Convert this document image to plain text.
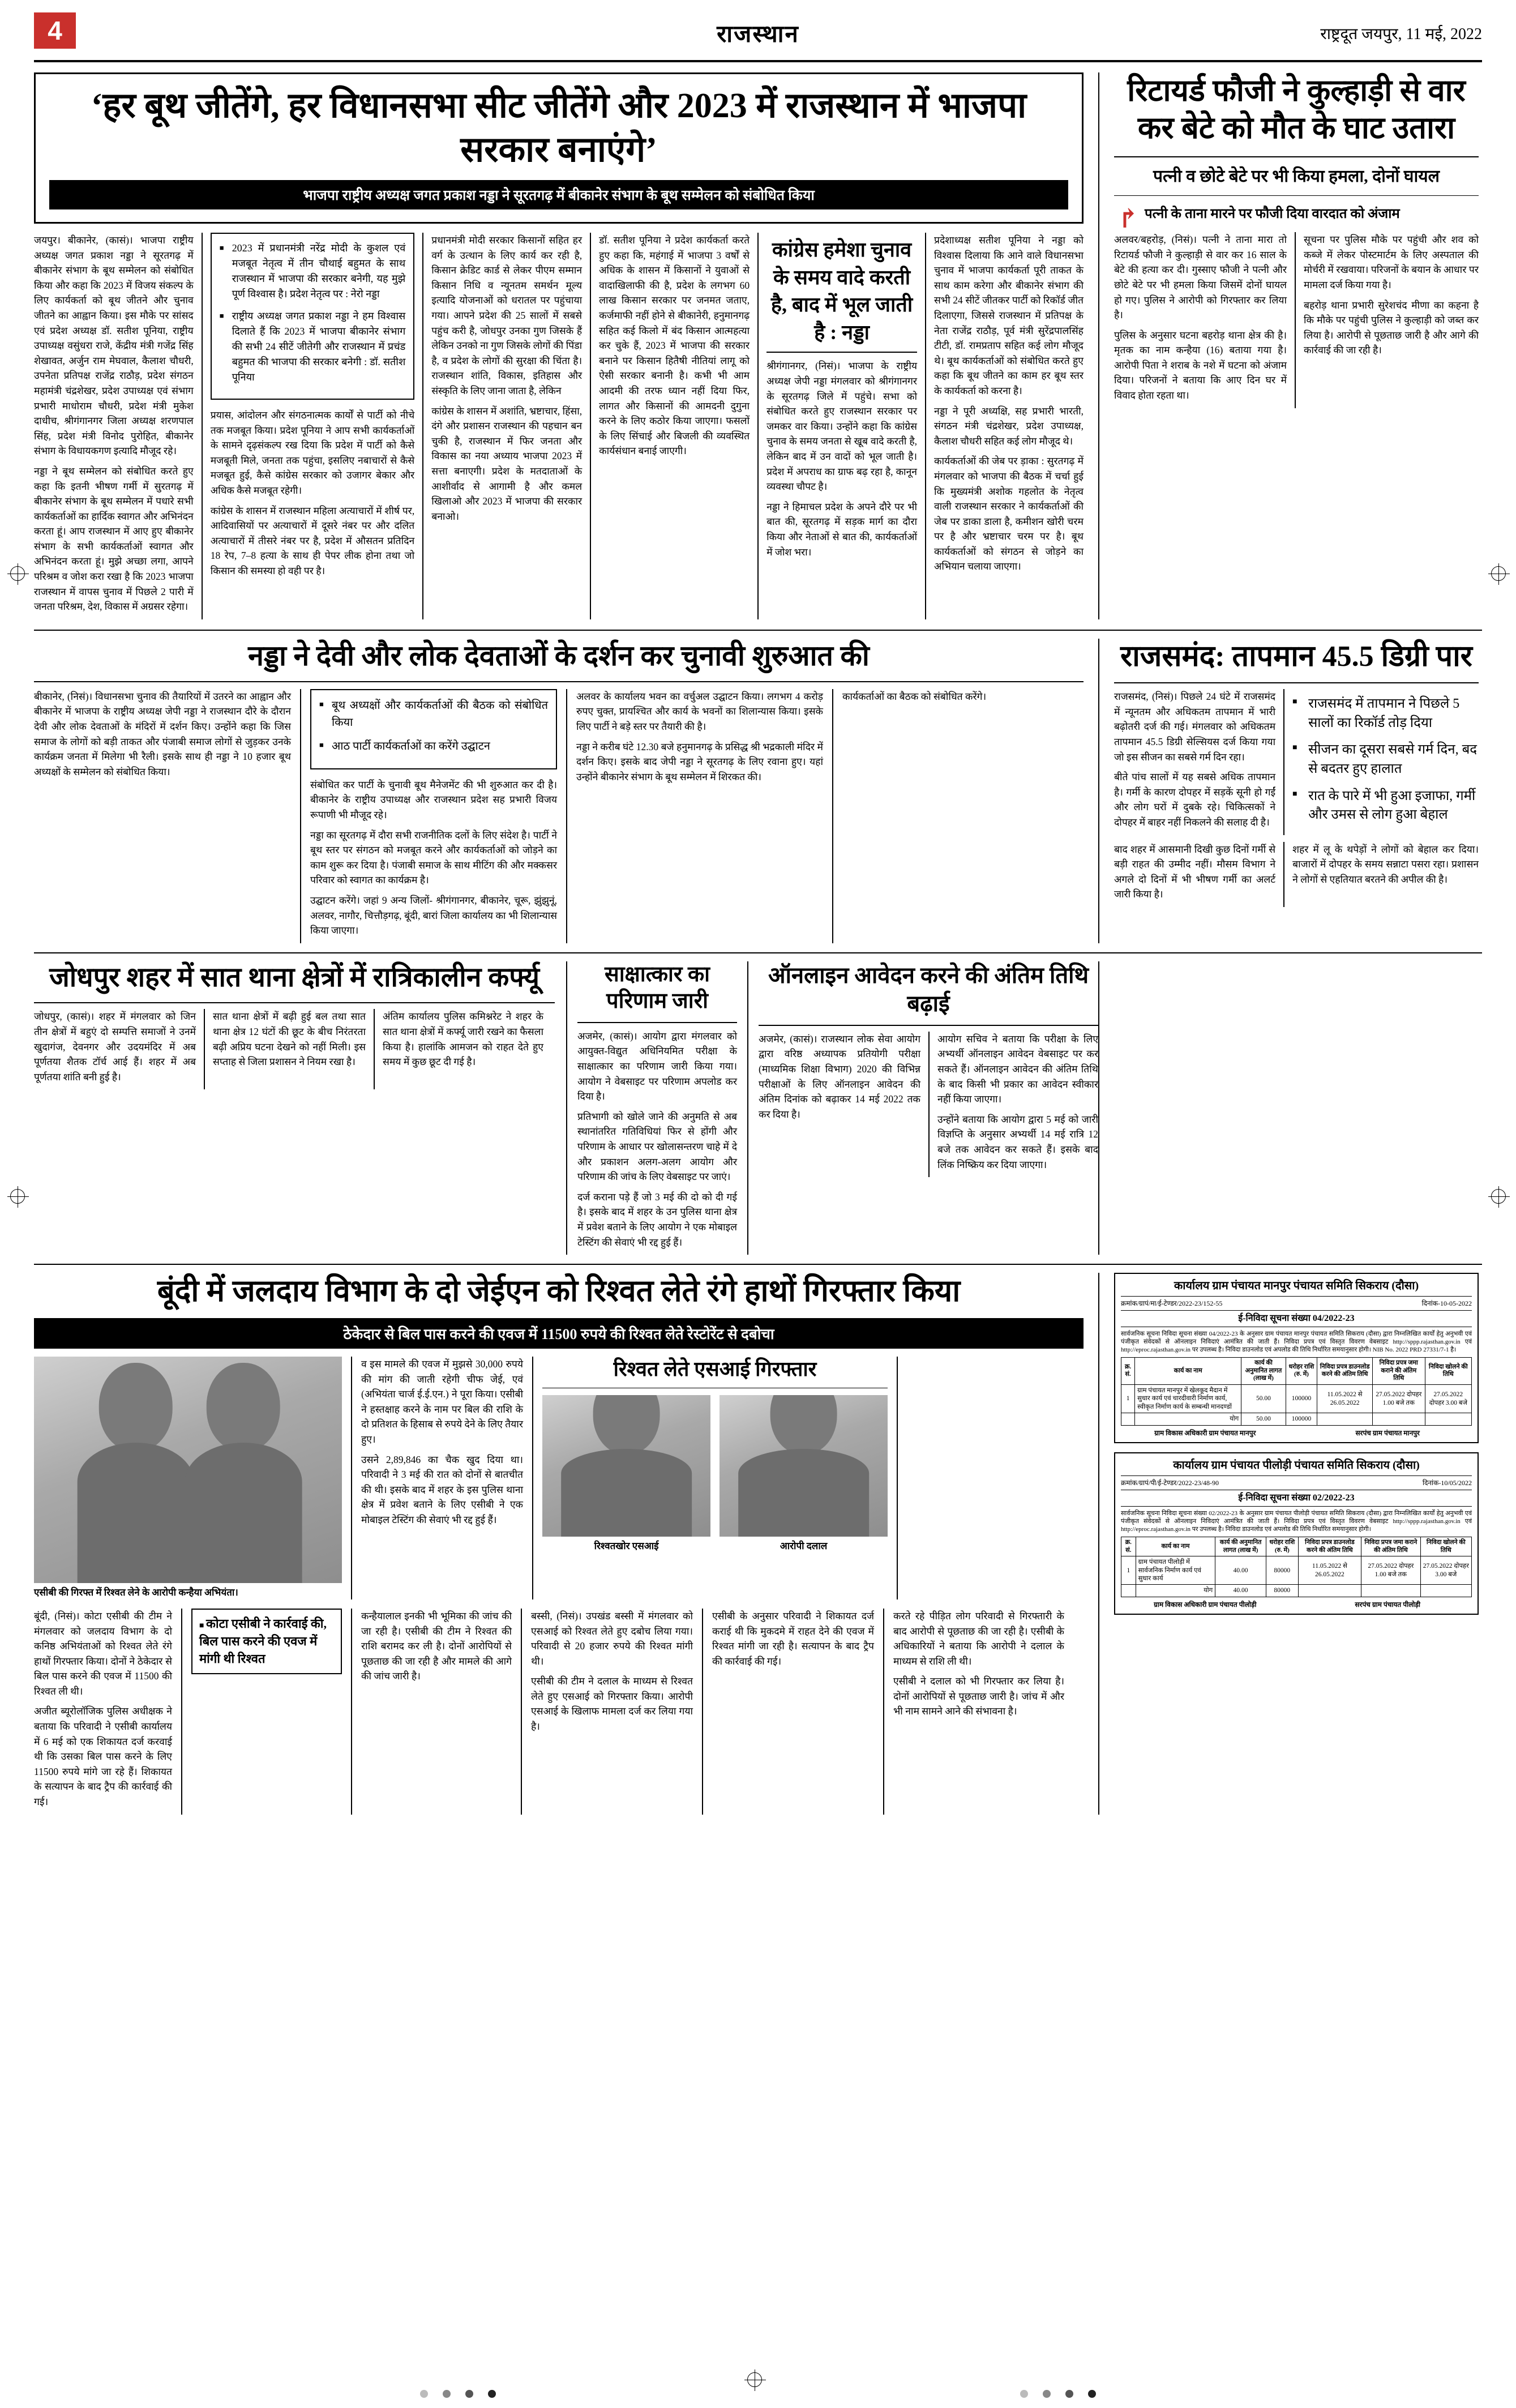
4	राजस्थान	राष्ट्रदूत जयपुर, 11 मई, 2022
‘हर बूथ जीतेंगे, हर विधानसभा सीट जीतेंगे और 2023 में राजस्थान में भाजपा सरकार बनाएंगे’
भाजपा राष्ट्रीय अध्यक्ष जगत प्रकाश नड्डा ने सूरतगढ़ में बीकानेर संभाग के बूथ सम्मेलन को संबोधित किया

जयपुर। बीकानेर, (कासं)। भाजपा राष्ट्रीय अध्यक्ष जगत प्रकाश नड्डा ने सूरतगढ़ में बीकानेर संभाग के बूथ सम्मेलन को संबोधित किया और कहा कि 2023 में विजय संकल्प के लिए कार्यकर्ता को बूथ जीतने और चुनाव जीतने का आह्वान किया। इस मौके पर सांसद एवं प्रदेश अध्यक्ष डॉ. सतीश पूनिया, राष्ट्रीय उपाध्यक्ष वसुंधरा राजे, केंद्रीय मंत्री गजेंद्र सिंह शेखावत, अर्जुन राम मेघवाल, कैलाश चौधरी, उपनेता प्रतिपक्ष राजेंद्र राठौड़, प्रदेश संगठन महामंत्री चंद्रशेखर, प्रदेश उपाध्यक्ष एवं संभाग प्रभारी माधोराम चौधरी, प्रदेश मंत्री मुकेश दाधीच, श्रीगंगानगर जिला अध्यक्ष शरणपाल सिंह, प्रदेश मंत्री विनोद पुरोहित, बीकानेर संभाग के विधायकगण इत्यादि मौजूद रहे।

नड्डा ने बूथ सम्मेलन को संबोधित करते हुए कहा कि इतनी भीषण गर्मी में सुरतगढ़ में बीकानेर संभाग के बूथ सम्मेलन में पधारे सभी कार्यकर्ताओं का हार्दिक स्वागत और अभिनंदन करता हूं। आप राजस्थान में आए हुए बीकानेर संभाग के सभी कार्यकर्ताओं स्वागत और अभिनंदन करता हूं। मुझे अच्छा लगा, आपने परिश्रम व जोश करा रखा है कि 2023 भाजपा राजस्थान में वापस चुनाव में पिछले 2 पारी में जनता परिश्रम, देश, विकास में अग्रसर रहेगा।

■ 2023 में प्रधानमंत्री नरेंद्र मोदी के कुशल एवं मजबूत नेतृत्व में तीन चौथाई बहुमत के साथ राजस्थान में भाजपा की सरकार बनेगी, यह मुझे पूर्ण विश्वास है। प्रदेश नेतृत्व पर : नेरो नड्डा
■ राष्ट्रीय अध्यक्ष जगत प्रकाश नड्डा ने हम विश्वास दिलाते हैं कि 2023 में भाजपा बीकानेर संभाग की सभी 24 सीटें जीतेगी और राजस्थान में प्रचंड बहुमत की भाजपा की सरकार बनेगी : डॉ. सतीश पूनिया

प्रयास, आंदोलन और संगठनात्मक कार्यों से पार्टी को नीचे तक मजबूत किया। प्रदेश पूनिया ने आप सभी कार्यकर्ताओं के सामने दृढ़संकल्प रख दिया कि प्रदेश में पार्टी को कैसे मजबूती मिले, जनता तक पहुंचा, इसलिए नबाचारों से कैसे मजबूत हुई, कैसे कांग्रेस सरकार को उजागर बेकार और अधिक कैसे मजबूत रहेगी।

कांग्रेस के शासन में राजस्थान महिला अत्याचारों में शीर्ष पर, आदिवासियों पर अत्याचारों में दूसरे नंबर पर और दलित अत्याचारों में तीसरे नंबर पर है, प्रदेश में औसतन प्रतिदिन 18 रेप, 7–8 हत्या के साथ ही पेपर लीक होना तथा जो किसान की समस्या हो वही पर है।

प्रधानमंत्री मोदी सरकार किसानों सहित हर वर्ग के उत्थान के लिए कार्य कर रही है, किसान क्रेडिट कार्ड से लेकर पीएम सम्मान किसान निधि व न्यूनतम समर्थन मूल्य इत्यादि योजनाओं को धरातल पर पहुंचाया गया। आपने प्रदेश की 25 सालों में सबसे पहुंच करी है, जोधपुर उनका गुण जिसके हैं लेकिन उनको ना गुण जिसके लोगों की पिंडा है, व प्रदेश के लोगों की सुरक्षा की चिंता है। राजस्थान शांति, विकास, इतिहास और संस्कृति के लिए जाना जाता है, लेकिन

कांग्रेस के शासन में अशांति, भ्रष्टाचार, हिंसा, दंगे और प्रशासन राजस्थान की पहचान बन चुकी है, राजस्थान में फिर जनता और विकास का नया अध्याय भाजपा 2023 में सत्ता बनाएगी। प्रदेश के मतदाताओं के आशीर्वाद से आगामी है और कमल खिलाओ और 2023 में भाजपा की सरकार बनाओ।

डॉ. सतीश पूनिया ने प्रदेश कार्यकर्ता करते हुए कहा कि, महंगाई में भाजपा 3 वर्षों से अधिक के शासन में किसानों ने युवाओं से वादाखिलाफी की है, प्रदेश के लगभग 60 लाख किसान सरकार पर जनमत जताए, कर्जमाफी नहीं होने से बीकानेरी, हनुमानगढ़ सहित कई किलो में बंद किसान आत्महत्या कर चुके हैं, 2023 में भाजपा की सरकार बनाने पर किसान हितैषी नीतियां लागू को ऐसी सरकार बनानी है। कभी भी आम आदमी की तरफ ध्यान नहीं दिया फिर, लागत और किसानों की आमदनी दुगुना करने के लिए कठोर किया जाएगा। फसलों के लिए सिंचाई और बिजली की व्यवस्थित कार्यसंधान बनाई जाएगी।

कांग्रेस हमेशा चुनाव के समय वादे करती है, बाद में भूल जाती है : नड्डा

श्रीगंगानगर, (निसं)। भाजपा के राष्ट्रीय अध्यक्ष जेपी नड्डा मंगलवार को श्रीगंगानगर के सूरतगढ़ जिले में पहुंचे। सभा को संबोधित करते हुए राजस्थान सरकार पर जमकर वार किया। उन्होंने कहा कि कांग्रेस चुनाव के समय जनता से खूब वादे करती है, लेकिन बाद में उन वादों को भूल जाती है। प्रदेश में अपराध का ग्राफ बढ़ रहा है, कानून व्यवस्था चौपट है।

नड्डा ने हिमाचल प्रदेश के अपने दौरे पर भी बात की, सूरतगढ़ में सड़क मार्ग का दौरा किया और नेताओं से बात की, कार्यकर्ताओं में जोश भरा।

प्रदेशाध्यक्ष सतीश पूनिया ने नड्डा को विश्वास दिलाया कि आने वाले विधानसभा चुनाव में भाजपा कार्यकर्ता पूरी ताकत के साथ काम करेगा और बीकानेर संभाग की सभी 24 सीटें जीतकर पार्टी को रिकॉर्ड जीत दिलाएगा, जिससे राजस्थान में प्रतिपक्ष के नेता राजेंद्र राठौड़, पूर्व मंत्री सुरेंद्रपालसिंह टीटी, डॉ. रामप्रताप सहित कई लोग मौजूद थे। बूथ कार्यकर्ताओं को संबोधित करते हुए कहा कि बूथ जीतने का काम हर बूथ स्तर के कार्यकर्ता को करना है।

नड्डा ने पूरी अध्यक्षि, सह प्रभारी भारती, संगठन मंत्री चंद्रशेखर, प्रदेश उपाध्यक्ष, कैलाश चौधरी सहित कई लोग मौजूद थे।

कार्यकर्ताओं की जेब पर ड़ाका : सुरतगढ़ में मंगलवार को भाजपा की बैठक में चर्चा हुई कि मुख्यमंत्री अशोक गहलोत के नेतृत्व वाली राजस्थान सरकार ने कार्यकर्ताओं की जेब पर डाका डाला है, कमीशन खोरी चरम पर है और भ्रष्टाचार चरम पर है। बूथ कार्यकर्ताओं को संगठन से जोड़ने का अभियान चलाया जाएगा।

रिटायर्ड फौजी ने कुल्हाड़ी से वार कर बेटे को मौत के घाट उतारा
पत्नी व छोटे बेटे पर भी किया हमला, दोनों घायल
↱ पत्नी के ताना मारने पर फौजी दिया वारदात को अंजाम

अलवर/बहरोड़, (निसं)। पत्नी ने ताना मारा तो रिटायर्ड फौजी ने कुल्हाड़ी से वार कर 16 साल के बेटे की हत्या कर दी। गुस्साए फौजी ने पत्नी और छोटे बेटे पर भी हमला किया जिसमें दोनों घायल हो गए। पुलिस ने आरोपी को गिरफ्तार कर लिया है।

पुलिस के अनुसार घटना बहरोड़ थाना क्षेत्र की है। मृतक का नाम कन्हैया (16) बताया गया है। आरोपी पिता ने शराब के नशे में घटना को अंजाम दिया। परिजनों ने बताया कि आए दिन घर में विवाद होता रहता था।

सूचना पर पुलिस मौके पर पहुंची और शव को कब्जे में लेकर पोस्टमार्टम के लिए अस्पताल की मोर्चरी में रखवाया। परिजनों के बयान के आधार पर मामला दर्ज किया गया है।

बहरोड़ थाना प्रभारी सुरेशचंद मीणा का कहना है कि मौके पर पहुंची पुलिस ने कुल्हाड़ी को जब्त कर लिया है। आरोपी से पूछताछ जारी है और आगे की कार्रवाई की जा रही है।

नड्डा ने देवी और लोक देवताओं के दर्शन कर चुनावी शुरुआत की

बीकानेर, (निसं)। विधानसभा चुनाव की तैयारियों में उतरने का आह्वान और बीकानेर में भाजपा के राष्ट्रीय अध्यक्ष जेपी नड्डा ने राजस्थान दौरे के दौरान देवी और लोक देवताओं के मंदिरों में दर्शन किए। उन्होंने कहा कि जिस समाज के लोगों को बड़ी ताकत और पंजाबी समाज लोगों से जुड़कर उनके कार्यक्रम जनता में मिलेगा भी रैली। इसके साथ ही नड्डा ने 10 हजार बूथ अध्यक्षों के सम्मेलन को संबोधित किया।

■ बूथ अध्यक्षों और कार्यकर्ताओं की बैठक को संबोधित किया
■ आठ पार्टी कार्यकर्ताओं का करेंगे उद्घाटन

संबोधित कर पार्टी के चुनावी बूथ मैनेजमेंट की भी शुरुआत कर दी है। बीकानेर के राष्ट्रीय उपाध्यक्ष और राजस्थान प्रदेश सह प्रभारी विजय रूपाणी भी मौजूद रहे।

नड्डा का सूरतगढ़ में दौरा सभी राजनीतिक दलों के लिए संदेश है। पार्टी ने बूथ स्तर पर संगठन को मजबूत करने और कार्यकर्ताओं को जोड़ने का काम शुरू कर दिया है। पंजाबी समाज के साथ मीटिंग की और मक्कसर परिवार को स्वागत का कार्यक्रम है।

उद्घाटन करेंगे। जहां 9 अन्य जिलों- श्रीगंगानगर, बीकानेर, चूरू, झुंझुनूं, अलवर, नागौर, चित्तौड़गढ़, बूंदी, बारां जिला कार्यालय का भी शिलान्यास किया जाएगा।

अलवर के कार्यालय भवन का वर्चुअल उद्घाटन किया। लगभग 4 करोड़ रुपए चुक्त, प्रायश्चित और कार्य के भवनों का शिलान्यास किया। इसके लिए पार्टी ने बड़े स्तर पर तैयारी की है।

नड्डा ने करीब घंटे 12.30 बजे हनुमानगढ़ के प्रसिद्ध श्री भद्रकाली मंदिर में दर्शन किए। इसके बाद जेपी नड्डा ने सूरतगढ़ के लिए रवाना हुए। यहां उन्होंने बीकानेर संभाग के बूथ सम्मेलन में शिरकत की।

कार्यकर्ताओं का बैठक को संबोधित करेंगे।

राजसमंद: तापमान 45.5 डिग्री पार

राजसमंद, (निसं)। पिछले 24 घंटे में राजसमंद में न्यूनतम और अधिकतम तापमान में भारी बढ़ोतरी दर्ज की गई। मंगलवार को अधिकतम तापमान 45.5 डिग्री सेल्सियस दर्ज किया गया जो इस सीजन का सबसे गर्म दिन रहा।

बीते पांच सालों में यह सबसे अधिक तापमान है। गर्मी के कारण दोपहर में सड़कें सूनी हो गईं और लोग घरों में दुबके रहे। चिकित्सकों ने दोपहर में बाहर नहीं निकलने की सलाह दी है।

■ राजसमंद में तापमान ने पिछले 5 सालों का रिकॉर्ड तोड़ दिया
■ सीजन का दूसरा सबसे गर्म दिन, बद से बदतर हुए हालात
■ रात के पारे में भी हुआ इजाफा, गर्मी और उमस से लोग हुआ बेहाल

बाद शहर में आसमानी दिखी कुछ दिनों गर्मी से बड़ी राहत की उम्मीद नहीं। मौसम विभाग ने अगले दो दिनों में भी भीषण गर्मी का अलर्ट जारी किया है।

शहर में लू के थपेड़ों ने लोगों को बेहाल कर दिया। बाजारों में दोपहर के समय सन्नाटा पसरा रहा। प्रशासन ने लोगों से एहतियात बरतने की अपील की है।

जोधपुर शहर में सात थाना क्षेत्रों में रात्रिकालीन कर्फ्यू

जोधपुर, (कासं)। शहर में मंगलवार को जिन तीन क्षेत्रों में बहुएं दो सम्पत्ति समाजों ने उनमें खुदागंज, देवनगर और उदयमंदिर में अब पूर्णतया शैतक टॉर्च आई हैं। शहर में अब पूर्णतया शांति बनी हुई है।

सात थाना क्षेत्रों में बढ़ी हुई बल तथा सात थाना क्षेत्र 12 घंटों की छूट के बीच निरंतरता बढ़ी अप्रिय घटना देखने को नहीं मिली। इस सप्ताह से जिला प्रशासन ने नियम रखा है।

अंतिम कार्यालय पुलिस कमिश्नरेट ने शहर के सात थाना क्षेत्रों में कर्फ्यू जारी रखने का फैसला किया है। हालांकि आमजन को राहत देते हुए समय में कुछ छूट दी गई है।

साक्षात्कार का परिणाम जारी

अजमेर, (कासं)। आयोग द्वारा मंगलवार को आयुक्त-विद्युत अधिनियमित परीक्षा के साक्षात्कार का परिणाम जारी किया गया। आयोग ने वेबसाइट पर परिणाम अपलोड कर दिया है।

प्रतिभागी को खोले जाने की अनुमति से अब स्थानांतरित गतिविधियां फिर से होंगी और परिणाम के आधार पर खोलासन्तरण चाहे में दे और प्रकाशन अलग-अलग आयोग और परिणाम की जांच के लिए वेबसाइट पर जाएं।

दर्ज कराना पड़े हैं जो 3 मई की दो को दी गई है। इसके बाद में शहर के उन पुलिस थाना क्षेत्र में प्रवेश बताने के लिए आयोग ने एक मोबाइल टेस्टिंग की सेवाएं भी रद्द हुई हैं।

ऑनलाइन आवेदन करने की अंतिम तिथि बढ़ाई

अजमेर, (कासं)। राजस्थान लोक सेवा आयोग द्वारा वरिष्ठ अध्यापक प्रतियोगी परीक्षा (माध्यमिक शिक्षा विभाग) 2020 की विभिन्न परीक्षाओं के लिए ऑनलाइन आवेदन की अंतिम दिनांक को बढ़ाकर 14 मई 2022 तक कर दिया है।

आयोग सचिव ने बताया कि परीक्षा के लिए अभ्यर्थी ऑनलाइन आवेदन वेबसाइट पर कर सकते हैं। ऑनलाइन आवेदन की अंतिम तिथि के बाद किसी भी प्रकार का आवेदन स्वीकार नहीं किया जाएगा।

उन्होंने बताया कि आयोग द्वारा 5 मई को जारी विज्ञप्ति के अनुसार अभ्यर्थी 14 मई रात्रि 12 बजे तक आवेदन कर सकते हैं। इसके बाद लिंक निष्क्रिय कर दिया जाएगा।

बूंदी में जलदाय विभाग के दो जेईएन को रिश्वत लेते रंगे हाथों गिरफ्तार किया
ठेकेदार से बिल पास करने की एवज में 11500 रुपये की रिश्वत लेते रेस्टोरेंट से दबोचा
एसीबी की गिरफ्त में रिश्वत लेने के आरोपी कन्हैया अभियंता।

व इस मामले की एवज में मुझसे 30,000 रुपये की मांग की जाती रहेगी चीफ जेई, एवं (अभियंता चार्ज ई.ई.एन.) ने पूरा किया। एसीबी ने हस्तक्षाह करने के नाम पर बिल की राशि के दो प्रतिशत के हिसाब से रुपये देने के लिए तैयार हुए।

उसने 2,89,846 का चैक खुद दिया था। परिवादी ने 3 मई की रात को दोनों से बातचीत की थी। इसके बाद में शहर के इस पुलिस थाना क्षेत्र में प्रवेश बताने के लिए एसीबी ने एक मोबाइल टेस्टिंग की सेवाएं भी रद्द हुई हैं।

रिश्वत लेते एसआई गिरफ्तार
रिश्वतखोर एसआई	आरोपी दलाल

बूंदी, (निसं)। कोटा एसीबी की टीम ने मंगलवार को जलदाय विभाग के दो कनिष्ठ अभियंताओं को रिश्वत लेते रंगे हाथों गिरफ्तार किया। दोनों ने ठेकेदार से बिल पास करने की एवज में 11500 की रिश्वत ली थी।

अजीत ब्यूरोलॉजिक पुलिस अधीक्षक ने बताया कि परिवादी ने एसीबी कार्यालय में 6 मई को एक शिकायत दर्ज करवाई थी कि उसका बिल पास करने के लिए 11500 रुपये मांगे जा रहे हैं। शिकायत के सत्यापन के बाद ट्रैप की कार्रवाई की गई।

■ कोटा एसीबी ने कार्रवाई की, बिल पास करने की एवज में मांगी थी रिश्वत

कन्हैयालाल इनकी भी भूमिका की जांच की जा रही है। एसीबी की टीम ने रिश्वत की राशि बरामद कर ली है। दोनों आरोपियों से पूछताछ की जा रही है और मामले की आगे की जांच जारी है।

बस्सी, (निसं)। उपखंड बस्सी में मंगलवार को एसआई को रिश्वत लेते हुए दबोच लिया गया। परिवादी से 20 हजार रुपये की रिश्वत मांगी थी।

एसीबी की टीम ने दलाल के माध्यम से रिश्वत लेते हुए एसआई को गिरफ्तार किया। आरोपी एसआई के खिलाफ मामला दर्ज कर लिया गया है।

एसीबी के अनुसार परिवादी ने शिकायत दर्ज कराई थी कि मुकदमे में राहत देने की एवज में रिश्वत मांगी जा रही है। सत्यापन के बाद ट्रैप की कार्रवाई की गई।

करते रहे पीड़ित लोग परिवादी से गिरफ्तारी के बाद आरोपी से पूछताछ की जा रही है। एसीबी के अधिकारियों ने बताया कि आरोपी ने दलाल के माध्यम से राशि ली थी।

एसीबी ने दलाल को भी गिरफ्तार कर लिया है। दोनों आरोपियों से पूछताछ जारी है। जांच में और भी नाम सामने आने की संभावना है।

कार्यालय ग्राम पंचायत मानपुर पंचायत समिति सिकराय (दौसा)
क्रमांक/ग्रापं/मा/ई-टेण्डर/2022-23/152-55	दिनांक-10-05-2022
ई-निविदा सूचना संख्या 04/2022-23

सार्वजनिक सूचना निविदा सूचना संख्या 04/2022-23 के अनुसार ग्राम पंचायत मानपुर पंचायत समिति सिकराय (दौसा) द्वारा निम्नलिखित कार्यों हेतु अनुभवी एवं पंजीकृत संवेदकों से ऑनलाइन निविदाएं आमंत्रित की जाती हैं। निविदा प्रपत्र एवं विस्तृत विवरण वेबसाइट http://sppp.rajasthan.gov.in एवं http://eproc.rajasthan.gov.in पर उपलब्ध है। निविदा डाउनलोड एवं अपलोड की तिथि निर्धारित समयानुसार होगी। NIB No. 2022 PRD 27331/7-1 है।

क्र. सं.	कार्य का नाम	कार्य की अनुमानित लागत (लाख में)	धरोहर राशि (रु. में)	निविदा प्रपत्र डाउनलोड करने की अंतिम तिथि	निविदा प्रपत्र जमा कराने की अंतिम तिथि	निविदा खोलने की तिथि
1	ग्राम पंचायत मानपुर में खेलकूद मैदान में सुधार कार्य एवं चारदीवारी निर्माण कार्य, स्वीकृत निर्माण कार्य के सम्बन्धी मानदण्डों	50.00	100000	11.05.2022 से 26.05.2022	27.05.2022 दोपहर 1.00 बजे तक	27.05.2022 दोपहर 3.00 बजे
	योग	50.00	100000			
ग्राम विकास अधिकारी ग्राम पंचायत मानपुर	सरपंच ग्राम पंचायत मानपुर
कार्यालय ग्राम पंचायत पीलोड़ी पंचायत समिति सिकराय (दौसा)
क्रमांक/ग्रापं/पी/ई-टेण्डर/2022-23/48-90	दिनांक-10/05/2022
ई-निविदा सूचना संख्या 02/2022-23

सार्वजनिक सूचना निविदा सूचना संख्या 02/2022-23 के अनुसार ग्राम पंचायत पीलोड़ी पंचायत समिति सिकराय (दौसा) द्वारा निम्नलिखित कार्यों हेतु अनुभवी एवं पंजीकृत संवेदकों से ऑनलाइन निविदाएं आमंत्रित की जाती हैं। निविदा प्रपत्र एवं विस्तृत विवरण वेबसाइट http://sppp.rajasthan.gov.in एवं http://eproc.rajasthan.gov.in पर उपलब्ध है। निविदा डाउनलोड एवं अपलोड की तिथि निर्धारित समयानुसार होगी।

क्र. सं.	कार्य का नाम	कार्य की अनुमानित लागत (लाख में)	धरोहर राशि (रु. में)	निविदा प्रपत्र डाउनलोड करने की अंतिम तिथि	निविदा प्रपत्र जमा कराने की अंतिम तिथि	निविदा खोलने की तिथि
1	ग्राम पंचायत पीलोड़ी में सार्वजनिक निर्माण कार्य एवं सुधार कार्य	40.00	80000	11.05.2022 से 26.05.2022	27.05.2022 दोपहर 1.00 बजे तक	27.05.2022 दोपहर 3.00 बजे
	योग	40.00	80000			
ग्राम विकास अधिकारी ग्राम पंचायत पीलोड़ी	सरपंच ग्राम पंचायत पीलोड़ी
